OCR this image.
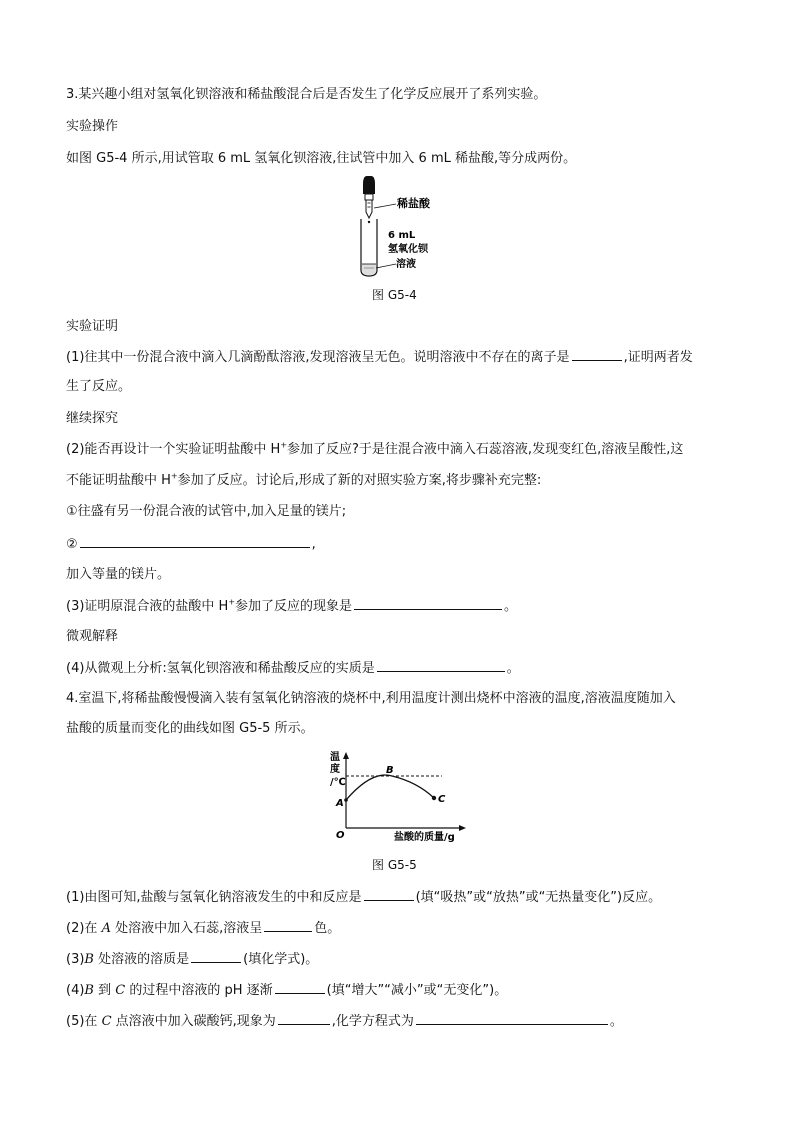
3.某兴趣小组对氢氧化钡溶液和稀盐酸混合后是否发生了化学反应展开了系列实验。
实验操作
如图 G5-4 所示,用试管取 6 mL 氢氧化钡溶液,往试管中加入 6 mL 稀盐酸,等分成两份。
稀盐酸
6 mL
氢氧化钡
溶液
图 G5-4
实验证明
(1)往其中一份混合液中滴入几滴酚酞溶液,发现溶液呈无色。说明溶液中不存在的离子是	,证明两者发
生了反应。
继续探究
(2)能否再设计一个实验证明盐酸中 H+参加了反应?于是往混合液中滴入石蕊溶液,发现变红色,溶液呈酸性,这
不能证明盐酸中 H+参加了反应。讨论后,形成了新的对照实验方案,将步骤补充完整:
①往盛有另一份混合液的试管中,加入足量的镁片;
②	,
加入等量的镁片。
(3)证明原混合液的盐酸中 H+参加了反应的现象是	。
微观解释
(4)从微观上分析:氢氧化钡溶液和稀盐酸反应的实质是	。
4.室温下,将稀盐酸慢慢滴入装有氢氧化钠溶液的烧杯中,利用温度计测出烧杯中溶液的温度,溶液温度随加入
盐酸的质量而变化的曲线如图 G5-5 所示。
温
度
/℃
A
B
C
O	盐酸的质量/g
图 G5-5
(1)由图可知,盐酸与氢氧化钠溶液发生的中和反应是	(填“吸热”或“放热”或“无热量变化”)反应。
(2)在 A 处溶液中加入石蕊,溶液呈	色。
(3)B 处溶液的溶质是	(填化学式)。
(4)B 到 C 的过程中溶液的 pH 逐渐	(填“增大”“减小”或“无变化”)。
(5)在 C 点溶液中加入碳酸钙,现象为	,化学方程式为	。
